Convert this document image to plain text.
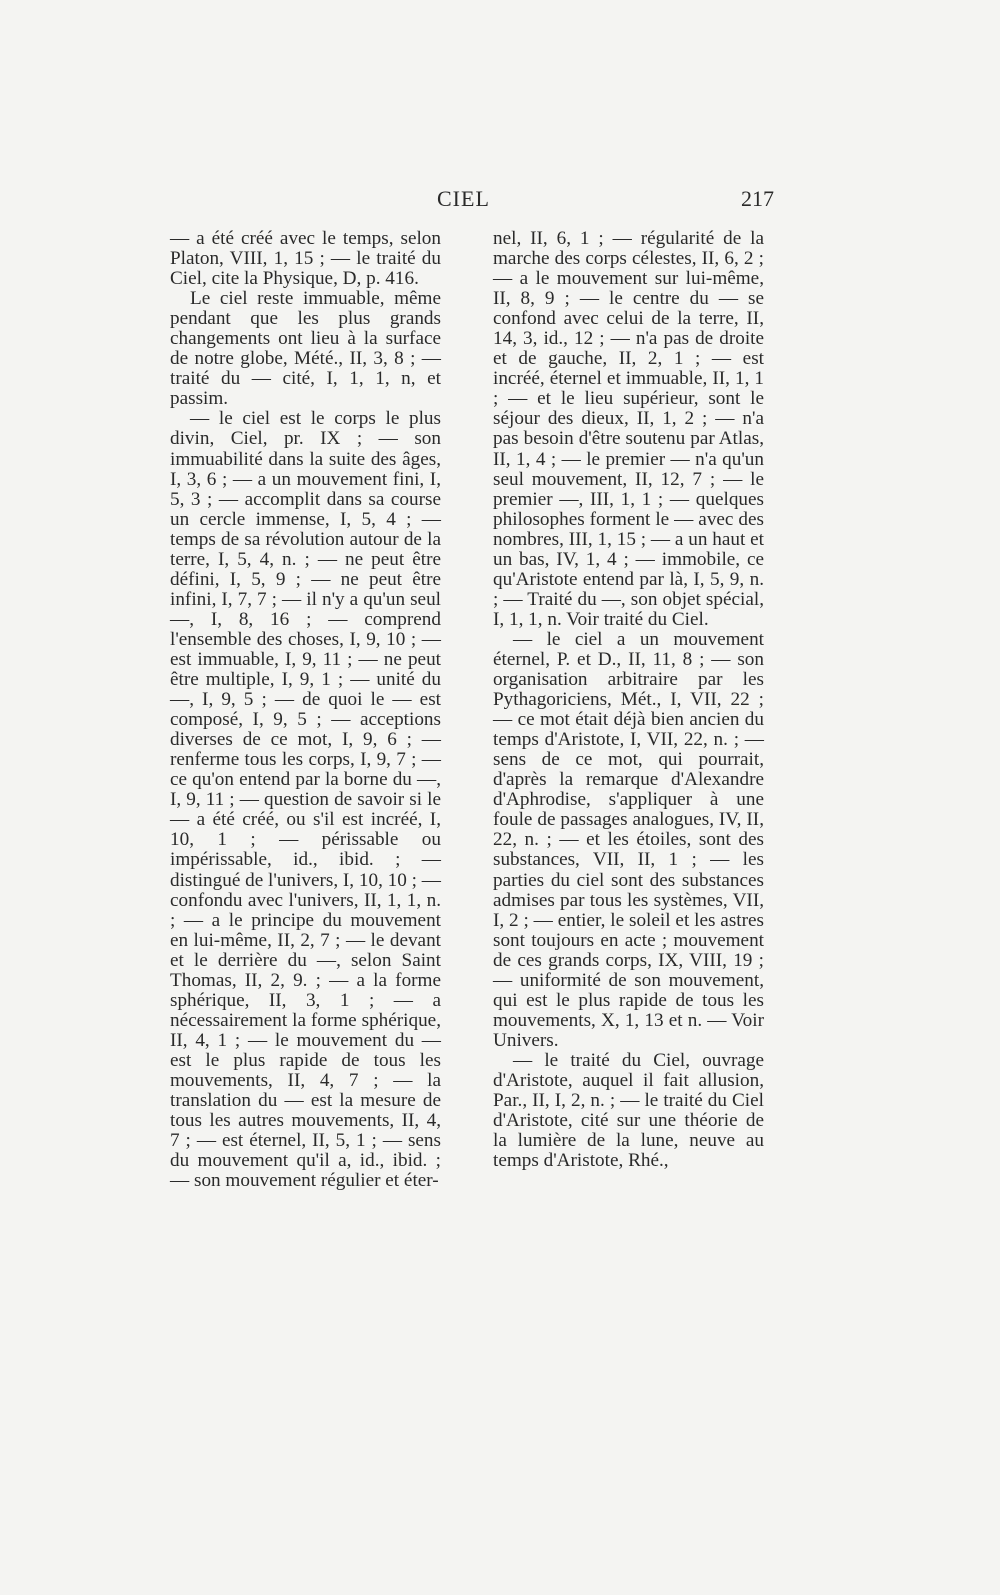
CIEL	217

— a été créé avec le temps, selon Platon, VIII, 1, 15 ; — le traité du Ciel, cite la Physique, D, p. 416.

Le ciel reste immuable, même pendant que les plus grands changements ont lieu à la surface de notre globe, Mété., II, 3, 8 ; — traité du — cité, I, 1, 1, n, et passim.

— le ciel est le corps le plus divin, Ciel, pr. IX ; — son immuabilité dans la suite des âges, I, 3, 6 ; — a un mouvement fini, I, 5, 3 ; — accomplit dans sa course un cercle immense, I, 5, 4 ; — temps de sa révolution autour de la terre, I, 5, 4, n. ; — ne peut être défini, I, 5, 9 ; — ne peut être infini, I, 7, 7 ; — il n'y a qu'un seul —, I, 8, 16 ; — comprend l'ensemble des choses, I, 9, 10 ; — est immuable, I, 9, 11 ; — ne peut être multiple, I, 9, 1 ; — unité du —, I, 9, 5 ; — de quoi le — est composé, I, 9, 5 ; — acceptions diverses de ce mot, I, 9, 6 ; — renferme tous les corps, I, 9, 7 ; — ce qu'on entend par la borne du —, I, 9, 11 ; — question de savoir si le — a été créé, ou s'il est incréé, I, 10, 1 ; — périssable ou impérissable, id., ibid. ; — distingué de l'univers, I, 10, 10 ; — confondu avec l'univers, II, 1, 1, n. ; — a le principe du mouvement en lui-même, II, 2, 7 ; — le devant et le derrière du —, selon Saint Thomas, II, 2, 9. ; — a la forme sphérique, II, 3, 1 ; — a nécessairement la forme sphérique, II, 4, 1 ; — le mouvement du — est le plus rapide de tous les mouvements, II, 4, 7 ; — la translation du — est la mesure de tous les autres mouvements, II, 4, 7 ; — est éternel, II, 5, 1 ; — sens du mouvement qu'il a, id., ibid. ; — son mouvement régulier et éter-

nel, II, 6, 1 ; — régularité de la marche des corps célestes, II, 6, 2 ; — a le mouvement sur lui-même, II, 8, 9 ; — le centre du — se confond avec celui de la terre, II, 14, 3, id., 12 ; — n'a pas de droite et de gauche, II, 2, 1 ; — est incréé, éternel et immuable, II, 1, 1 ; — et le lieu supérieur, sont le séjour des dieux, II, 1, 2 ; — n'a pas besoin d'être soutenu par Atlas, II, 1, 4 ; — le premier — n'a qu'un seul mouvement, II, 12, 7 ; — le premier —, III, 1, 1 ; — quelques philosophes forment le — avec des nombres, III, 1, 15 ; — a un haut et un bas, IV, 1, 4 ; — immobile, ce qu'Aristote entend par là, I, 5, 9, n. ; — Traité du —, son objet spécial, I, 1, 1, n. Voir traité du Ciel.

— le ciel a un mouvement éternel, P. et D., II, 11, 8 ; — son organisation arbitraire par les Pythagoriciens, Mét., I, VII, 22 ; — ce mot était déjà bien ancien du temps d'Aristote, I, VII, 22, n. ; — sens de ce mot, qui pourrait, d'après la remarque d'Alexandre d'Aphrodise, s'appliquer à une foule de passages analogues, IV, II, 22, n. ; — et les étoiles, sont des substances, VII, II, 1 ; — les parties du ciel sont des substances admises par tous les systèmes, VII, I, 2 ; — entier, le soleil et les astres sont toujours en acte ; mouvement de ces grands corps, IX, VIII, 19 ; — uniformité de son mouvement, qui est le plus rapide de tous les mouvements, X, 1, 13 et n. — Voir Univers.

— le traité du Ciel, ouvrage d'Aristote, auquel il fait allusion, Par., II, I, 2, n. ; — le traité du Ciel d'Aristote, cité sur une théorie de la lumière de la lune, neuve au temps d'Aristote, Rhé.,
